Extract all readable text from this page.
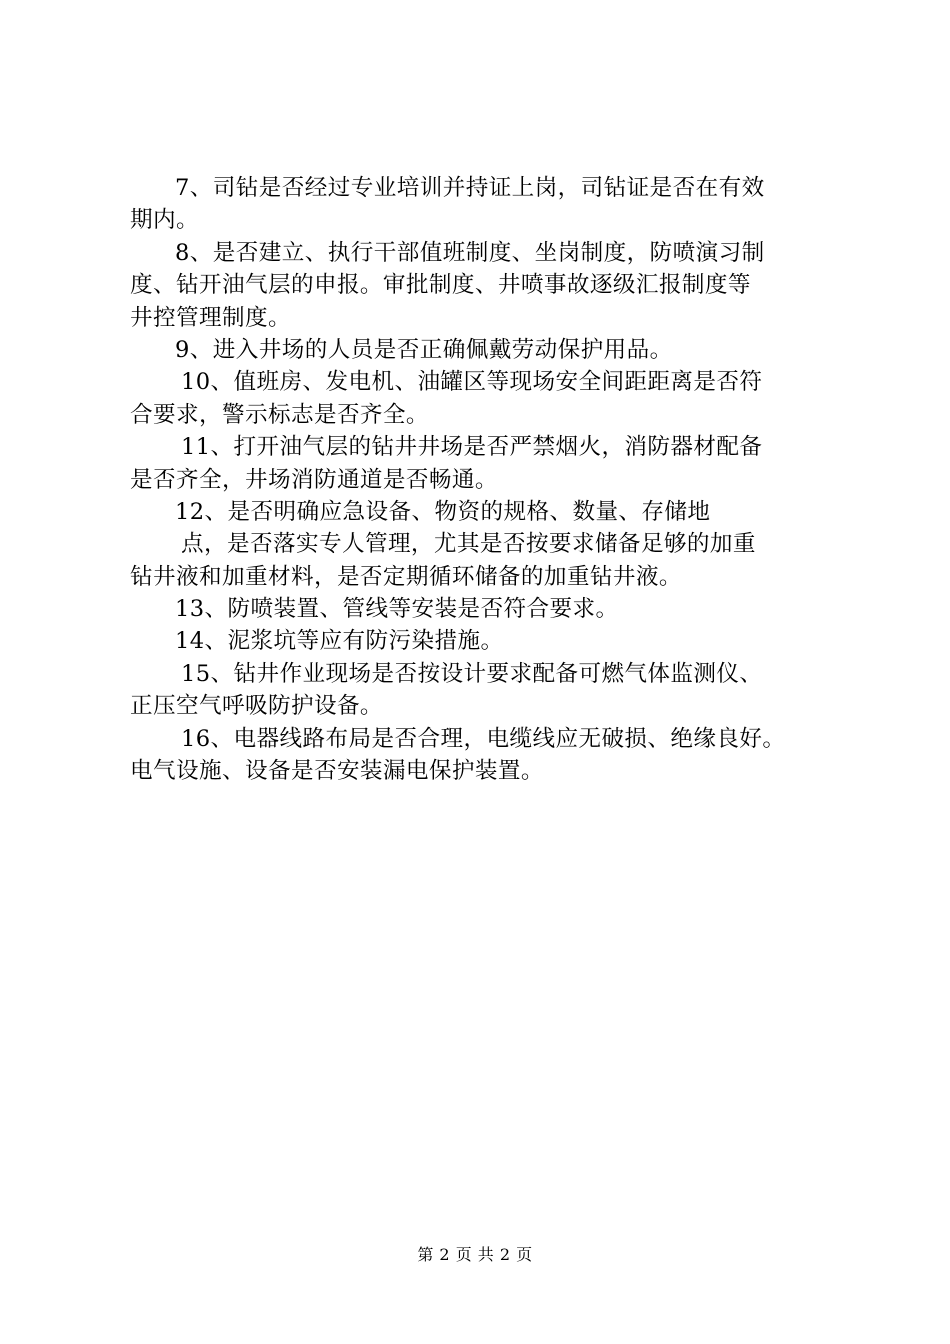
7、司钻是否经过专业培训并持证上岗，司钻证是否在有效
期内。
8、是否建立、执行干部值班制度、坐岗制度，防喷演习制
度、钻开油气层的申报。审批制度、井喷事故逐级汇报制度等
井控管理制度。
9、进入井场的人员是否正确佩戴劳动保护用品。
10、值班房、发电机、油罐区等现场安全间距距离是否符
合要求，警示标志是否齐全。
11、打开油气层的钻井井场是否严禁烟火，消防器材配备
是否齐全，井场消防通道是否畅通。
12、是否明确应急设备、物资的规格、数量、存储地
点，是否落实专人管理，尤其是否按要求储备足够的加重
钻井液和加重材料，是否定期循环储备的加重钻井液。
13、防喷装置、管线等安装是否符合要求。
14、泥浆坑等应有防污染措施。
15、钻井作业现场是否按设计要求配备可燃气体监测仪、
正压空气呼吸防护设备。
16、电器线路布局是否合理，电缆线应无破损、绝缘良好。
电气设施、设备是否安装漏电保护装置。
第 2 页 共 2 页
